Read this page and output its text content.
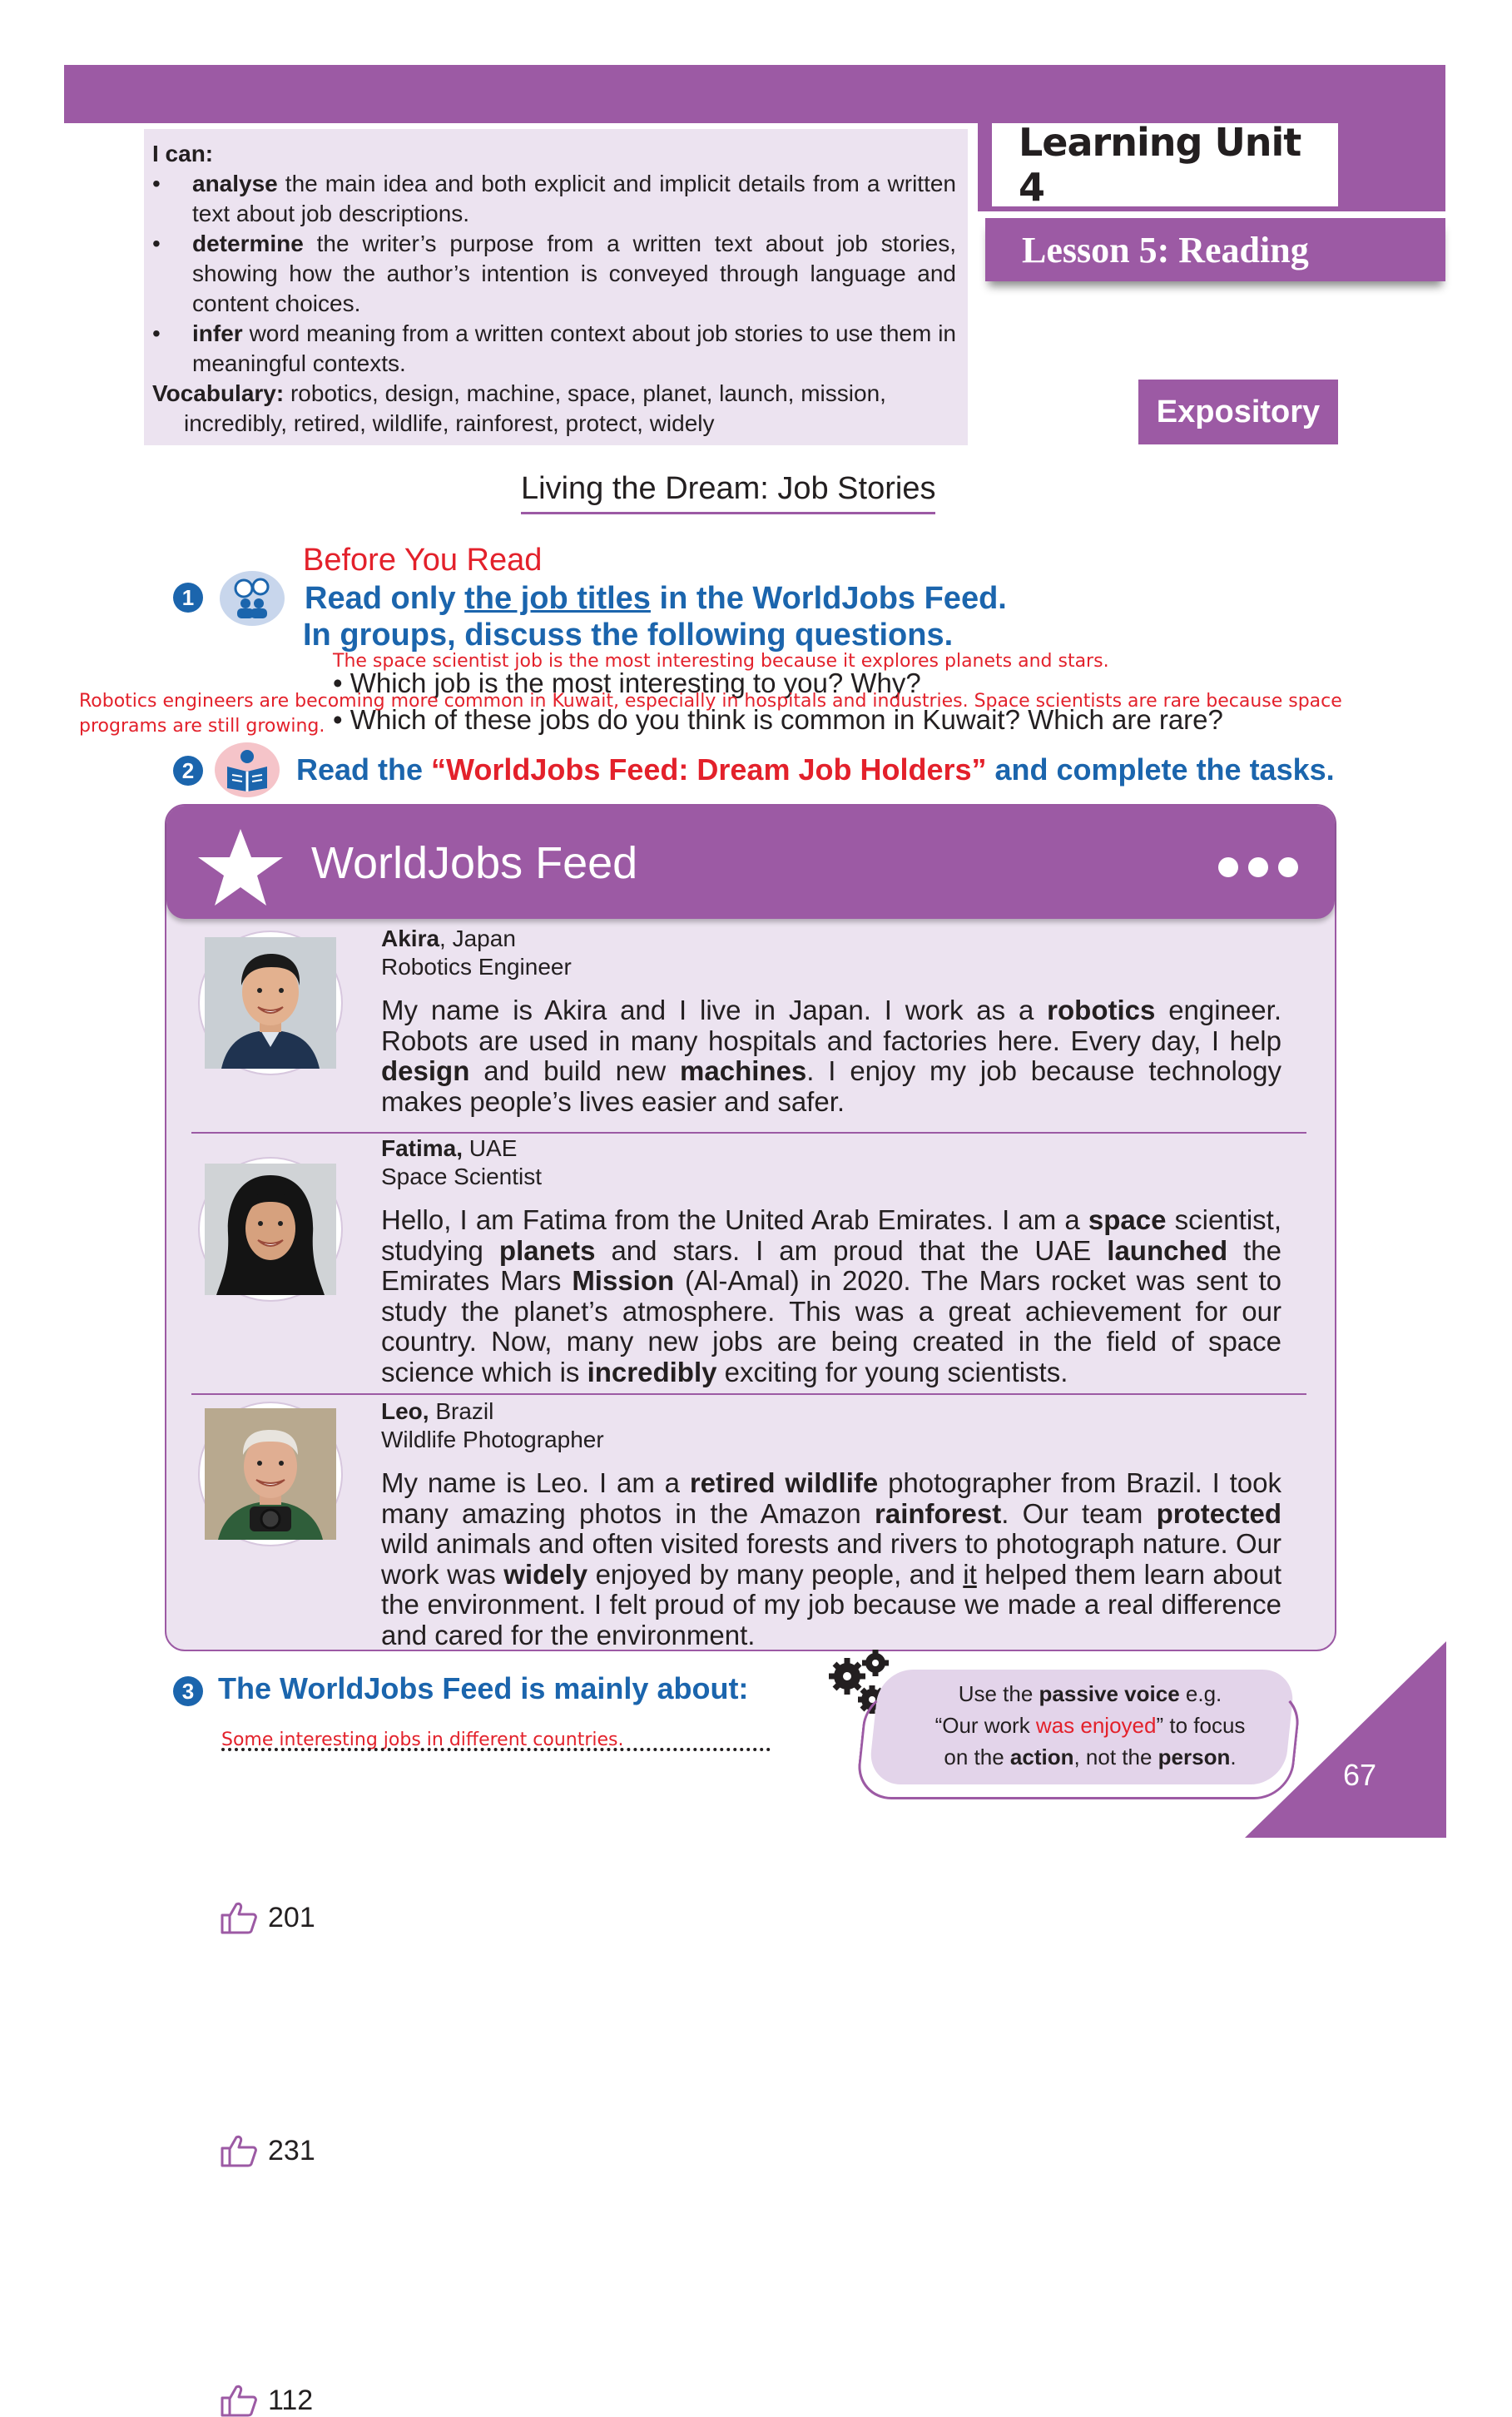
I can:
• analyse the main idea and both explicit and implicit details from a written text about job descriptions.
• determine the writer’s purpose from a written text about job stories, showing how the author’s intention is conveyed through language and content choices.
• infer word meaning from a written context about job stories to use them in meaningful contexts.
Vocabulary: robotics, design, machine, space, planet, launch, mission,
incredibly, retired, wildlife, rainforest, protect, widely
Learning Unit 4
Lesson 5: Reading
Expository
Living the Dream: Job Stories
Before You Read
1	Read only the job titles in the WorldJobs Feed.
In groups, discuss the following questions.
• Which job is the most interesting to you? Why?
The space scientist job is the most interesting because it explores planets and stars.
• Which of these jobs do you think is common in Kuwait? Which are rare?
Robotics engineers are becoming more common in Kuwait, especially in hospitals and industries. Space scientists are rare because space programs are still growing.
2	Read the “WorldJobs Feed: Dream Job Holders” and complete the tasks.
WorldJobs Feed
201
Akira, Japan
Robotics Engineer
My name is Akira and I live in Japan. I work as a robotics engineer. Robots are used in many hospitals and factories here. Every day, I help design and build new machines. I enjoy my job because technology makes people’s lives easier and safer.
231
Fatima, UAE
Space Scientist
Hello, I am Fatima from the United Arab Emirates. I am a space scientist, studying planets and stars. I am proud that the UAE launched the Emirates Mars Mission (Al-Amal) in 2020. The Mars rocket was sent to study the planet’s atmosphere. This was a great achievement for our country. Now, many new jobs are being created in the field of space science which is incredibly exciting for young scientists.
112
Leo, Brazil
Wildlife Photographer
My name is Leo. I am a retired wildlife photographer from Brazil. I took many amazing photos in the Amazon rainforest. Our team protected wild animals and often visited forests and rivers to photograph nature. Our work was widely enjoyed by many people, and it helped them learn about the environment. I felt proud of my job because we made a real difference and cared for the environment.
3 The WorldJobs Feed is mainly about:
Some interesting jobs in different countries.
Use the passive voice e.g.
“Our work was enjoyed” to focus
on the action, not the person.
67
